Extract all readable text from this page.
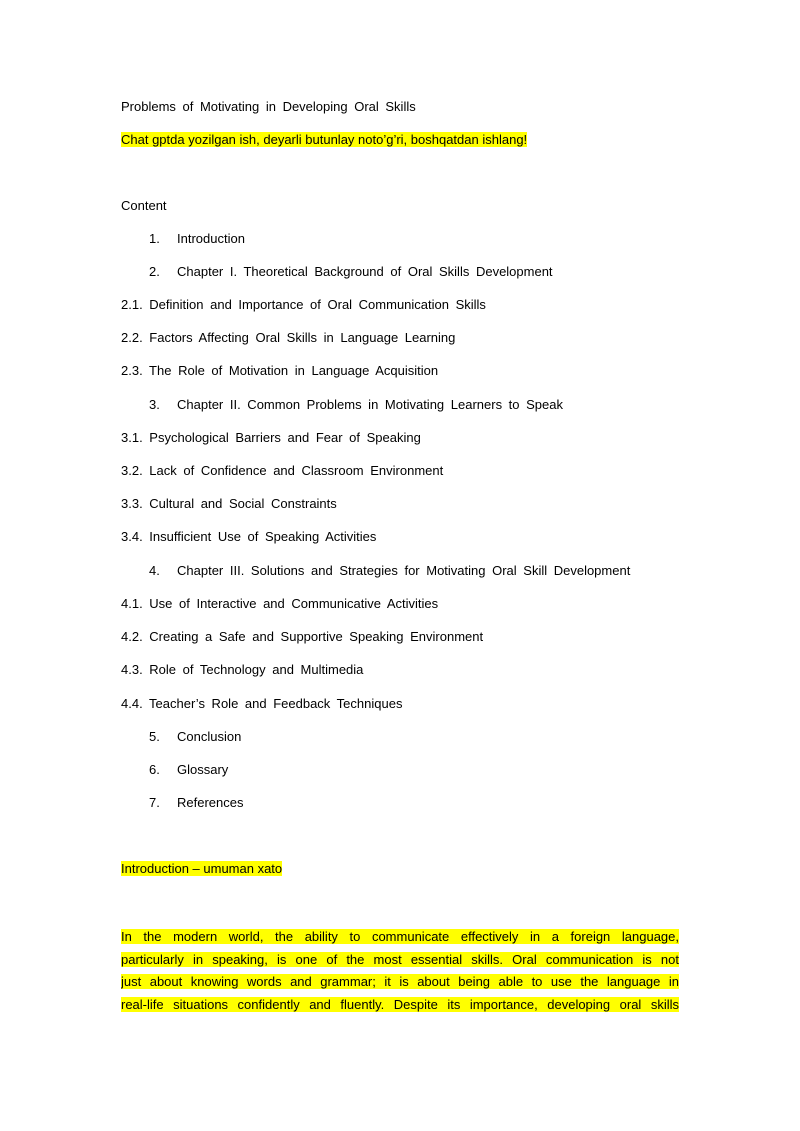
Problems of Motivating in Developing Oral Skills
Chat gptda yozilgan ish, deyarli butunlay noto’g’ri, boshqatdan ishlang!
Content
1. Introduction
2. Chapter I. Theoretical Background of Oral Skills Development
2.1. Definition and Importance of Oral Communication Skills
2.2. Factors Affecting Oral Skills in Language Learning
2.3. The Role of Motivation in Language Acquisition
3. Chapter II. Common Problems in Motivating Learners to Speak
3.1. Psychological Barriers and Fear of Speaking
3.2. Lack of Confidence and Classroom Environment
3.3. Cultural and Social Constraints
3.4. Insufficient Use of Speaking Activities
4. Chapter III. Solutions and Strategies for Motivating Oral Skill Development
4.1. Use of Interactive and Communicative Activities
4.2. Creating a Safe and Supportive Speaking Environment
4.3. Role of Technology and Multimedia
4.4. Teacher’s Role and Feedback Techniques
5. Conclusion
6. Glossary
7. References
Introduction – umuman xato
In the modern world, the ability to communicate effectively in a foreign language,
particularly in speaking, is one of the most essential skills. Oral communication is not
just about knowing words and grammar; it is about being able to use the language in
real-life situations confidently and fluently. Despite its importance, developing oral skills
